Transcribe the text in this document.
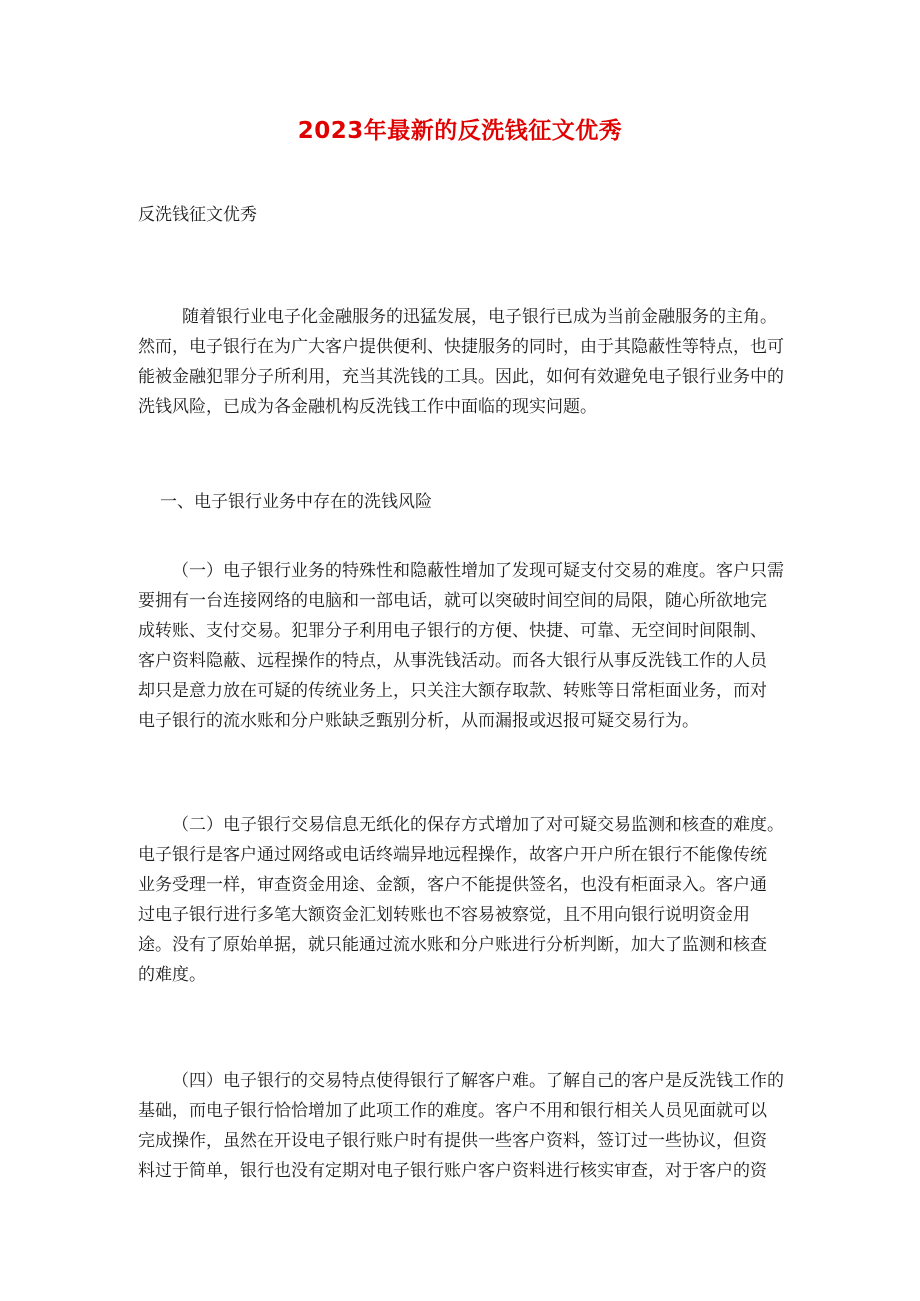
2023年最新的反洗钱征文优秀
反洗钱征文优秀
随着银行业电子化金融服务的迅猛发展，电子银行已成为当前金融服务的主角。
然而，电子银行在为广大客户提供便利、快捷服务的同时，由于其隐蔽性等特点，也可
能被金融犯罪分子所利用，充当其洗钱的工具。因此，如何有效避免电子银行业务中的
洗钱风险，已成为各金融机构反洗钱工作中面临的现实问题。
一、电子银行业务中存在的洗钱风险
（一）电子银行业务的特殊性和隐蔽性增加了发现可疑支付交易的难度。客户只需
要拥有一台连接网络的电脑和一部电话，就可以突破时间空间的局限，随心所欲地完
成转账、支付交易。犯罪分子利用电子银行的方便、快捷、可靠、无空间时间限制、
客户资料隐蔽、远程操作的特点，从事洗钱活动。而各大银行从事反洗钱工作的人员
却只是意力放在可疑的传统业务上，只关注大额存取款、转账等日常柜面业务，而对
电子银行的流水账和分户账缺乏甄别分析，从而漏报或迟报可疑交易行为。
（二）电子银行交易信息无纸化的保存方式增加了对可疑交易监测和核查的难度。
电子银行是客户通过网络或电话终端异地远程操作，故客户开户所在银行不能像传统
业务受理一样，审查资金用途、金额，客户不能提供签名，也没有柜面录入。客户通
过电子银行进行多笔大额资金汇划转账也不容易被察觉，且不用向银行说明资金用
途。没有了原始单据，就只能通过流水账和分户账进行分析判断，加大了监测和核查
的难度。
（四）电子银行的交易特点使得银行了解客户难。了解自己的客户是反洗钱工作的
基础，而电子银行恰恰增加了此项工作的难度。客户不用和银行相关人员见面就可以
完成操作，虽然在开设电子银行账户时有提供一些客户资料，签订过一些协议，但资
料过于简单，银行也没有定期对电子银行账户客户资料进行核实审查，对于客户的资
